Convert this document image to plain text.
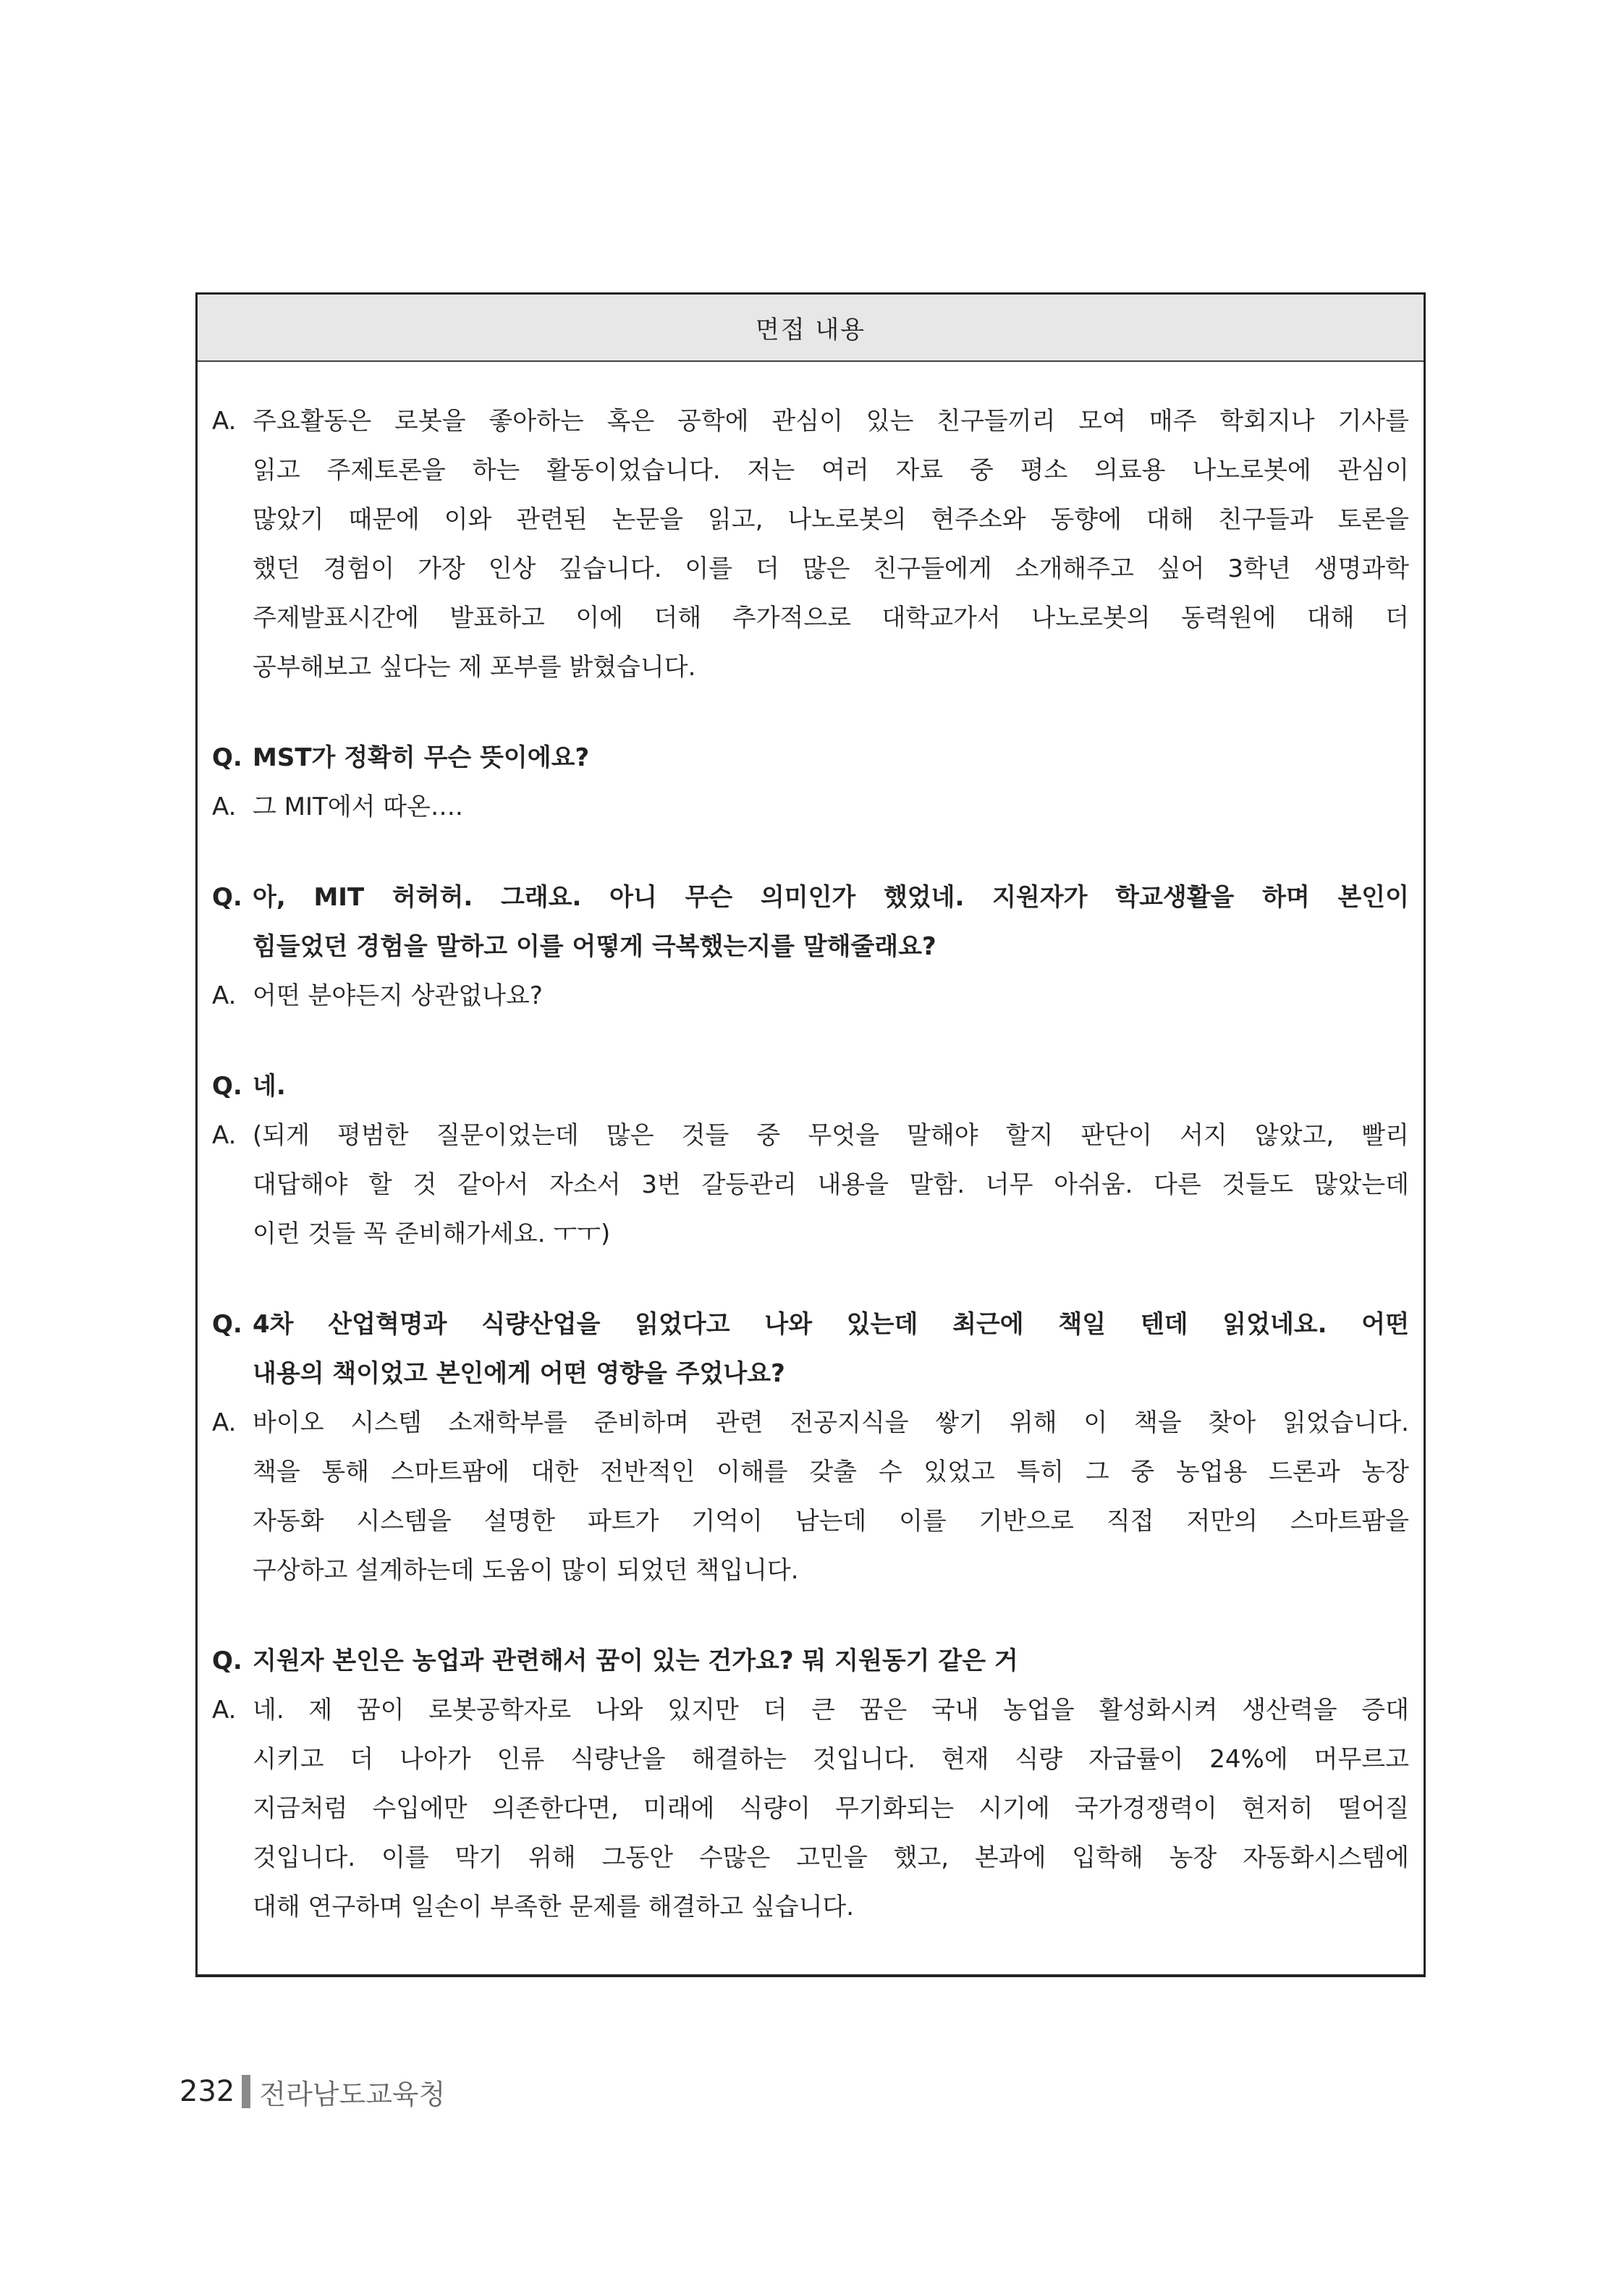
면접 내용
A. 주요활동은 로봇을 좋아하는 혹은 공학에 관심이 있는 친구들끼리 모여 매주 학회지나 기사를

읽고 주제토론을 하는 활동이었습니다. 저는 여러 자료 중 평소 의료용 나노로봇에 관심이

많았기 때문에 이와 관련된 논문을 읽고, 나노로봇의 현주소와 동향에 대해 친구들과 토론을

했던 경험이 가장 인상 깊습니다. 이를 더 많은 친구들에게 소개해주고 싶어 3학년 생명과학

주제발표시간에 발표하고 이에 더해 추가적으로 대학교가서 나노로봇의 동력원에 대해 더

공부해보고 싶다는 제 포부를 밝혔습니다.

Q. MST가 정확히 무슨 뜻이에요?

A. 그 MIT에서 따온….

Q. 아, MIT 허허허. 그래요. 아니 무슨 의미인가 했었네. 지원자가 학교생활을 하며 본인이

힘들었던 경험을 말하고 이를 어떻게 극복했는지를 말해줄래요?

A. 어떤 분야든지 상관없나요?

Q. 네.

A. (되게 평범한 질문이었는데 많은 것들 중 무엇을 말해야 할지 판단이 서지 않았고, 빨리

대답해야 할 것 같아서 자소서 3번 갈등관리 내용을 말함. 너무 아쉬움. 다른 것들도 많았는데

이런 것들 꼭 준비해가세요. ㅜㅜ)

Q. 4차 산업혁명과 식량산업을 읽었다고 나와 있는데 최근에 책일 텐데 읽었네요. 어떤

내용의 책이었고 본인에게 어떤 영향을 주었나요?

A. 바이오 시스템 소재학부를 준비하며 관련 전공지식을 쌓기 위해 이 책을 찾아 읽었습니다.

책을 통해 스마트팜에 대한 전반적인 이해를 갖출 수 있었고 특히 그 중 농업용 드론과 농장

자동화 시스템을 설명한 파트가 기억이 남는데 이를 기반으로 직접 저만의 스마트팜을

구상하고 설계하는데 도움이 많이 되었던 책입니다.

Q. 지원자 본인은 농업과 관련해서 꿈이 있는 건가요? 뭐 지원동기 같은 거

A. 네. 제 꿈이 로봇공학자로 나와 있지만 더 큰 꿈은 국내 농업을 활성화시켜 생산력을 증대

시키고 더 나아가 인류 식량난을 해결하는 것입니다. 현재 식량 자급률이 24%에 머무르고

지금처럼 수입에만 의존한다면, 미래에 식량이 무기화되는 시기에 국가경쟁력이 현저히 떨어질

것입니다. 이를 막기 위해 그동안 수많은 고민을 했고, 본과에 입학해 농장 자동화시스템에

대해 연구하며 일손이 부족한 문제를 해결하고 싶습니다.

232 전라남도교육청
